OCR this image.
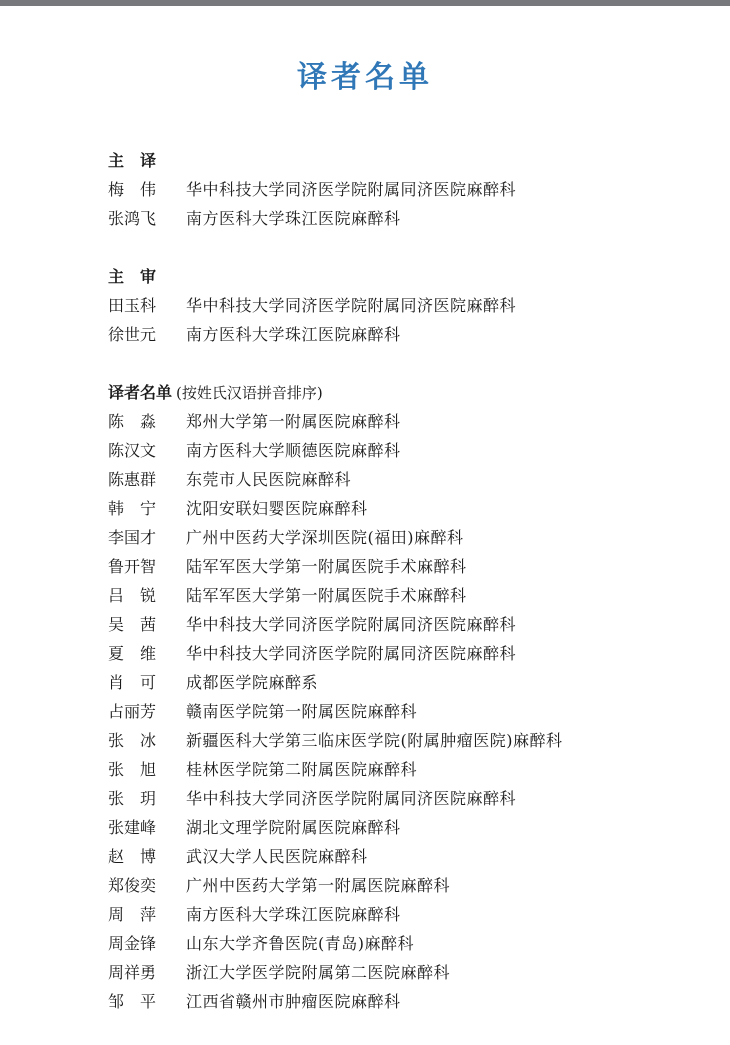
译者名单
主　译
梅　伟	华中科技大学同济医学院附属同济医院麻醉科
张鸿飞	南方医科大学珠江医院麻醉科
主　审
田玉科	华中科技大学同济医学院附属同济医院麻醉科
徐世元	南方医科大学珠江医院麻醉科
译者名单 (按姓氏汉语拼音排序)
陈　淼	郑州大学第一附属医院麻醉科
陈汉文	南方医科大学顺德医院麻醉科
陈惠群	东莞市人民医院麻醉科
韩　宁	沈阳安联妇婴医院麻醉科
李国才	广州中医药大学深圳医院(福田)麻醉科
鲁开智	陆军军医大学第一附属医院手术麻醉科
吕　锐	陆军军医大学第一附属医院手术麻醉科
吴　茜	华中科技大学同济医学院附属同济医院麻醉科
夏　维	华中科技大学同济医学院附属同济医院麻醉科
肖　可	成都医学院麻醉系
占丽芳	赣南医学院第一附属医院麻醉科
张　冰	新疆医科大学第三临床医学院(附属肿瘤医院)麻醉科
张　旭	桂林医学院第二附属医院麻醉科
张　玥	华中科技大学同济医学院附属同济医院麻醉科
张建峰	湖北文理学院附属医院麻醉科
赵　博	武汉大学人民医院麻醉科
郑俊奕	广州中医药大学第一附属医院麻醉科
周　萍	南方医科大学珠江医院麻醉科
周金锋	山东大学齐鲁医院(青岛)麻醉科
周祥勇	浙江大学医学院附属第二医院麻醉科
邹　平	江西省赣州市肿瘤医院麻醉科
